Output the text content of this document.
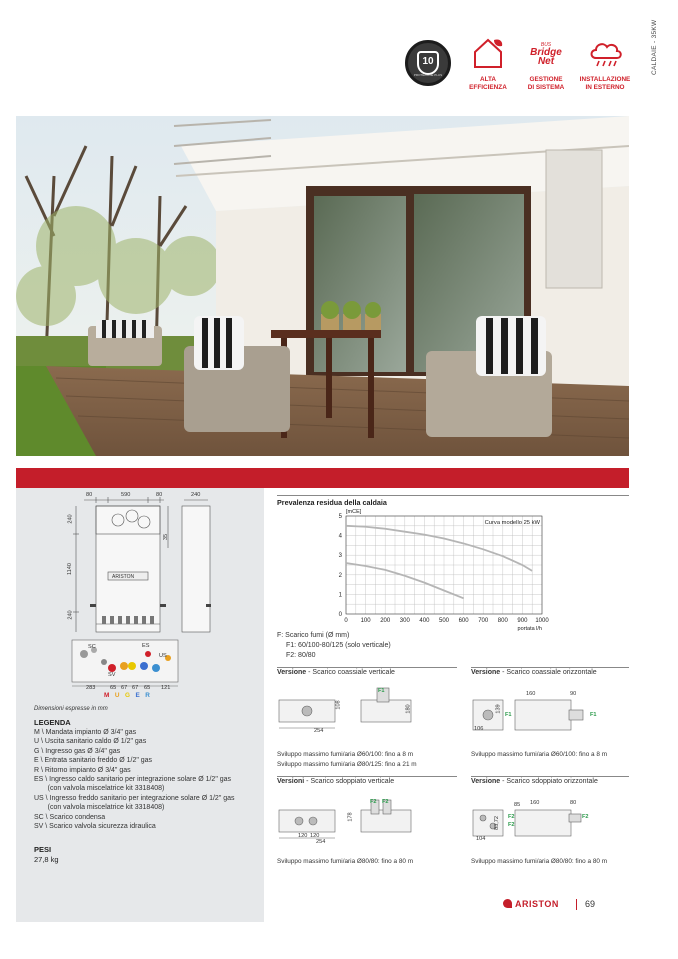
10
PROTEZIONE PLUS
ALTA
EFFICIENZA
BUS
Bridge
Net
GESTIONE
DI SISTEMA
INSTALLAZIONE
IN ESTERNO
CALDAIE - 35KW
80	590	80	240
240
1140
240
35
ARISTON
SC
SV
ES
US
283	65 67 67 65 121
MUGER
Dimensioni espresse in mm
LEGENDA
M \ Mandata impianto Ø 3/4" gas
U \ Uscita sanitario caldo Ø 1/2" gas
G \ Ingresso gas Ø 3/4" gas
E \ Entrata sanitario freddo Ø 1/2" gas
R \ Ritorno impianto Ø 3/4" gas
ES \ Ingresso caldo sanitario per integrazione solare Ø 1/2" gas
(con valvola miscelatrice kit 3318408)
US \ Ingresso freddo sanitario per integrazione solare Ø 1/2" gas
(con valvola miscelatrice kit 3318408)
SC \ Scarico condensa
SV \ Scarico valvola sicurezza idraulica
PESI
27,8 kg
Prevalenza residua della caldaia
0 100 200 300 400 500 600 700 800 900 1000
0
1
2
3
4
5
[mCE]
portata l/h
Curva modello 25 kW
F: Scarico fumi (Ø mm)
F1: 60/100-80/125 (solo verticale)
F2: 80/80
Versione - Scarico coassiale verticale	Versione - Scarico coassiale orizzontale
108	180
254
F1	160	90
139
106
F1	F1
Sviluppo massimo fumi/aria Ø60/100: fino a 8 m
Sviluppo massimo fumi/aria Ø80/125: fino a 21 m
Sviluppo massimo fumi/aria Ø60/100: fino a 8 m
Versioni - Scarico sdoppiato verticale	Versione - Scarico sdoppiato orizzontale
178
120 120
254
F2 F2	85 160	80
83,72
104
F2
F2
F2
Sviluppo massimo fumi/aria Ø80/80: fino a 80 m	Sviluppo massimo fumi/aria Ø80/80: fino a 80 m
ARISTON	69
